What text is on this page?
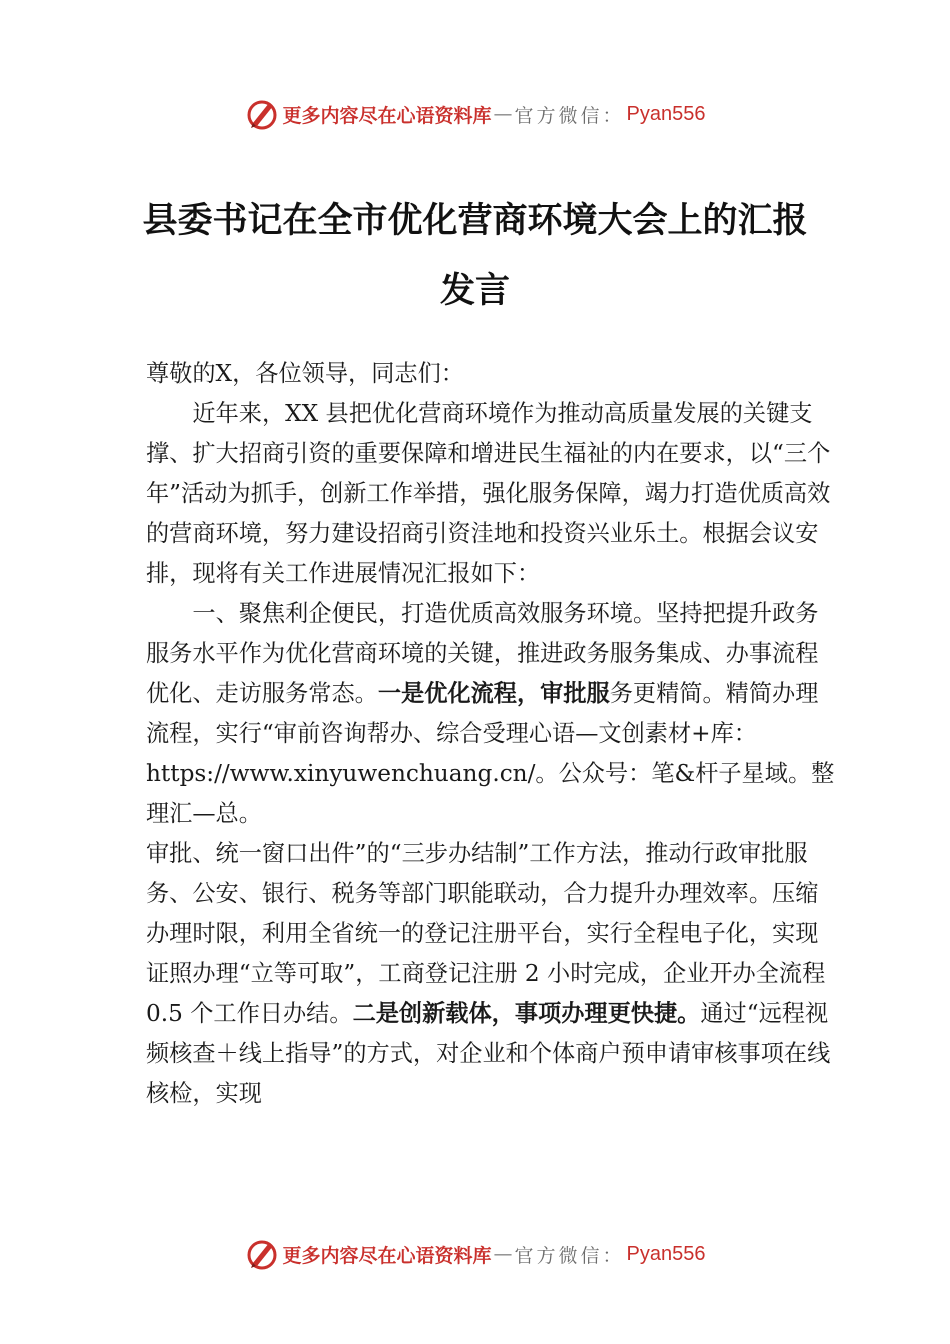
更多内容尽在心语资料库 — 官方微信： Pyan556
县委书记在全市优化营商环境大会上的汇报发言

尊敬的X，各位领导，同志们：

近年来，XX 县把优化营商环境作为推动高质量发展的关键支撑、扩大招商引资的重要保障和增进民生福祉的内在要求，以“三个年”活动为抓手，创新工作举措，强化服务保障，竭力打造优质高效的营商环境，努力建设招商引资洼地和投资兴业乐土。根据会议安排，现将有关工作进展情况汇报如下：

一、聚焦利企便民，打造优质高效服务环境。坚持把提升政务服务水平作为优化营商环境的关键，推进政务服务集成、办事流程优化、走访服务常态。一是优化流程，审批服务更精简。精简办理流程，实行“审前咨询帮办、综合受理心语—文创素材+库：https://www.xinyuwenchuang.cn/。公众号：笔&杆子星域。整理汇—总。

审批、统一窗口出件”的“三步办结制”工作方法，推动行政审批服务、公安、银行、税务等部门职能联动，合力提升办理效率。压缩办理时限，利用全省统一的登记注册平台，实行全程电子化，实现证照办理“立等可取”，工商登记注册 2 小时完成，企业开办全流程 0.5 个工作日办结。二是创新载体，事项办理更快捷。通过“远程视频核查＋线上指导”的方式，对企业和个体商户预申请审核事项在线核检，实现

更多内容尽在心语资料库 — 官方微信： Pyan556
